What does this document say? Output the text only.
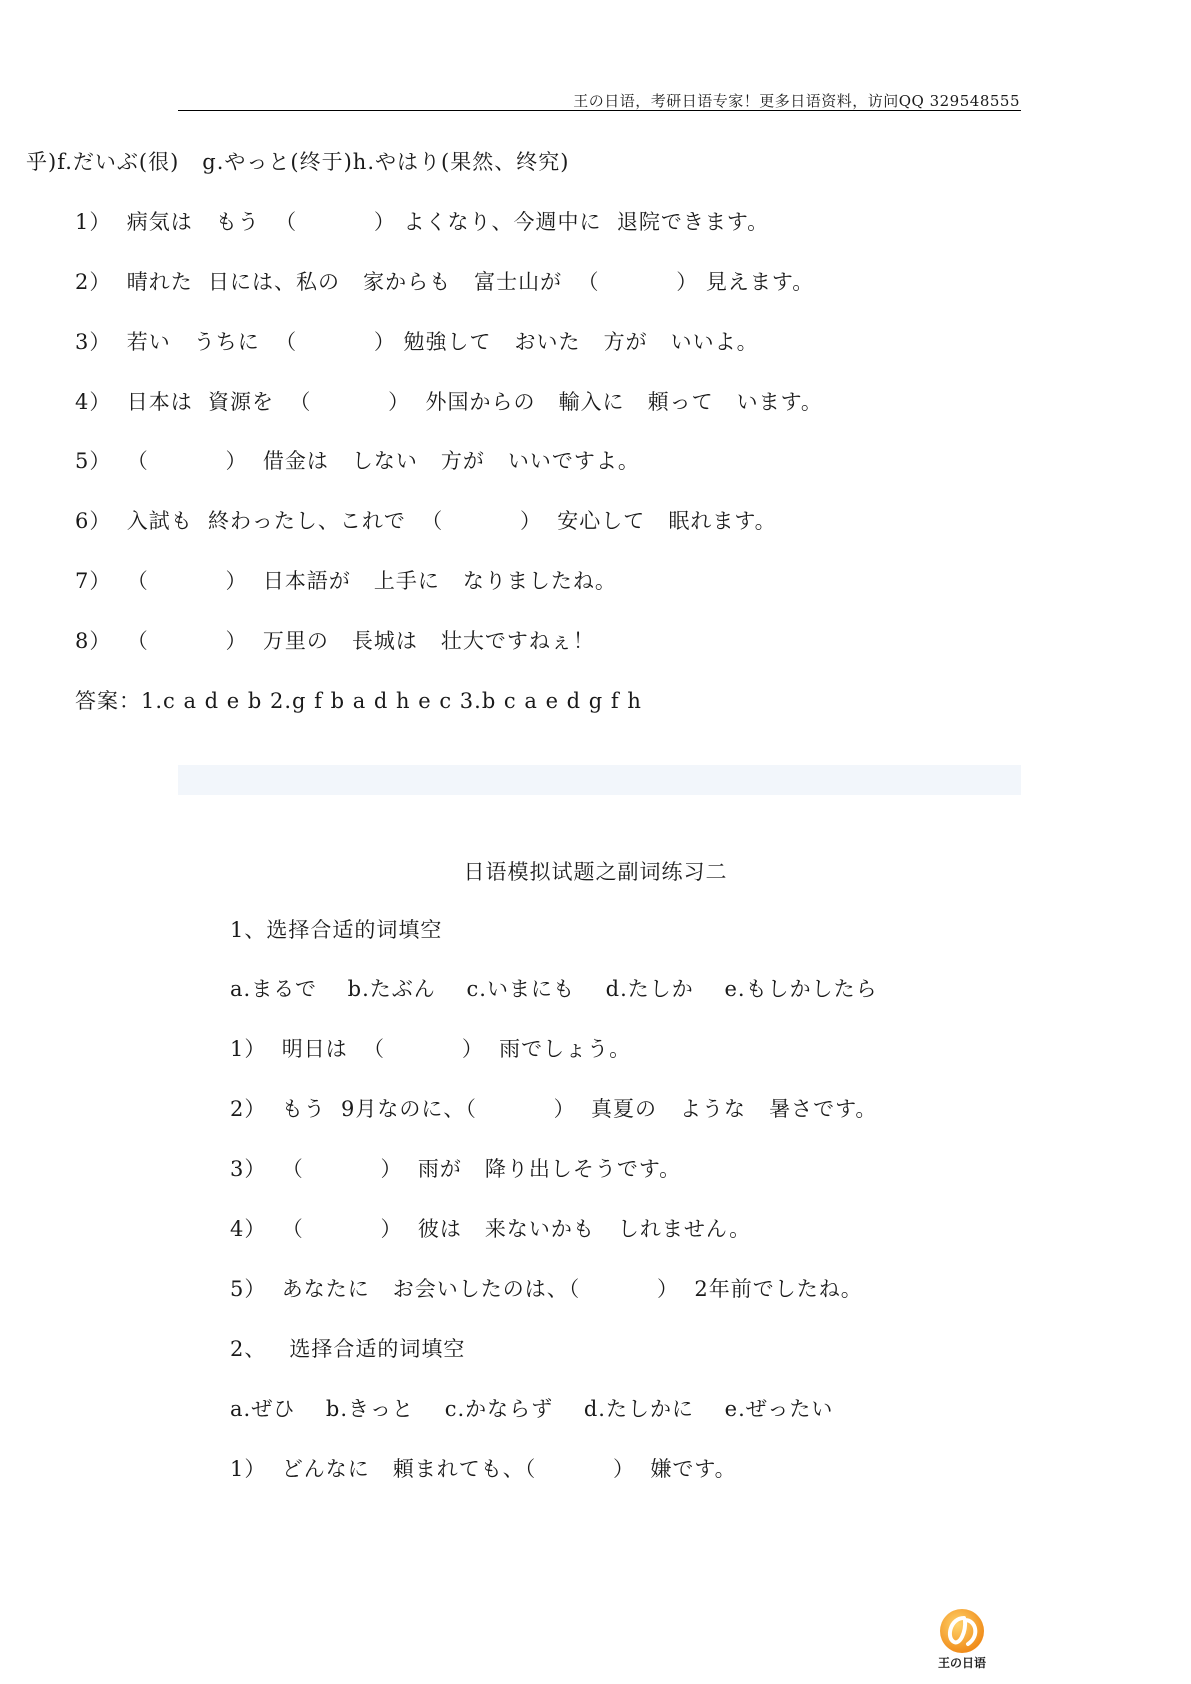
王の日语，考研日语专家！更多日语资料，访问QQ 329548555
乎)f.だいぶ(很)   g.やっと(终于)h.やはり(果然、终究)
1）  病気は   もう  （          ） よくなり、今週中に  退院できます。
2）  晴れた  日には、私の   家からも   富士山が  （          ） 見えます。
3）  若い   うちに  （          ） 勉強して   おいた   方が   いいよ。
4）  日本は  資源を  （          ）  外国からの   輸入に   頼って   います。
5）  （          ）  借金は   しない   方が   いいですよ。
6）  入試も  終わったし、これで  （          ）  安心して   眠れます。
7）  （          ）  日本語が   上手に   なりましたね。
8）  （          ）  万里の   長城は   壮大ですねぇ！
答案：1.c a d e b 2.g f b a d h e c 3.b c a e d g f h
日语模拟试题之副词练习二
1、选择合适的词填空
a.まるで    b.たぶん    c.いまにも    d.たしか    e.もしかしたら
1）  明日は  （          ）  雨でしょう。
2）  もう  9月なのに、（          ）  真夏の   ような   暑さです。
3）  （          ）  雨が   降り出しそうです。
4）  （          ）  彼は   来ないかも   しれません。
5）  あなたに   お会いしたのは、（          ）  2年前でしたね。
2、   选择合适的词填空
a.ぜひ    b.きっと    c.かならず    d.たしかに    e.ぜったい
1）  どんなに   頼まれても、（          ）  嫌です。
王の日语
